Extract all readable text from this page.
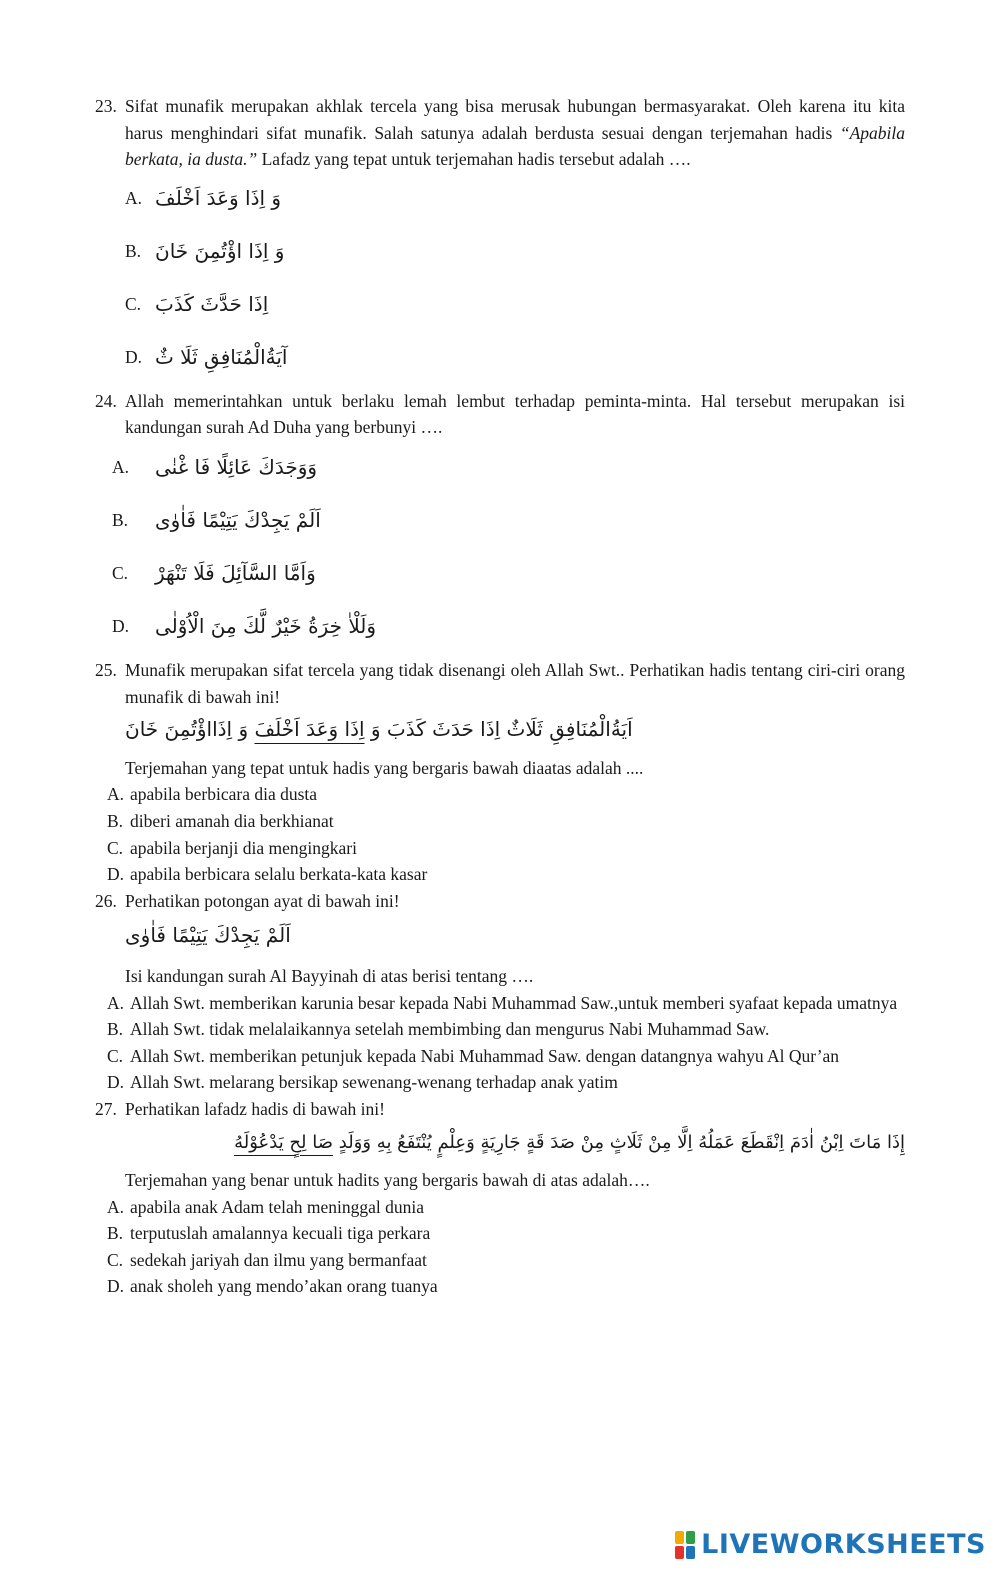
23. Sifat munafik merupakan akhlak tercela yang bisa merusak hubungan bermasyarakat. Oleh karena itu kita harus menghindari sifat munafik. Salah satunya adalah berdusta sesuai dengan terjemahan hadis “Apabila berkata, ia dusta.” Lafadz yang tepat untuk terjemahan hadis tersebut adalah ….
A. وَ اِذَا وَعَدَ اَخْلَفَ
B. وَ اِذَا اؤْتُمِنَ خَانَ
C. اِذَا حَدَّثَ كَذَبَ
D. آيَةُالْمُنَافِقِ ثَلَا ثٌ
24. Allah memerintahkan untuk berlaku lemah lembut terhadap peminta-minta. Hal tersebut merupakan isi kandungan surah Ad Duha yang berbunyi ….
A.	وَوَجَدَكَ عَائِلًا فَا غْنٰى
B.	اَلَمْ يَجِدْكَ يَتِيْمًا فَاٰوٰى
C.	وَاَمَّا السَّآئِلَ فَلَا تَنْهَرْ
D.	وَلَلْاٰ خِرَةُ خَيْرٌ لَّكَ مِنَ الْاُوْلٰى
25. Munafik merupakan sifat tercela yang tidak disenangi oleh Allah Swt.. Perhatikan hadis tentang ciri-ciri orang munafik di bawah ini!
اَيَةُالْمُنَافِقِ ثَلَاثٌ اِذَا حَدَثَ كَذَبَ وَ اِذَا وَعَدَ اَخْلَفَ وَ اِذَااؤْتُمِنَ خَانَ
Terjemahan yang tepat untuk hadis yang bergaris bawah diaatas adalah ....
A. apabila berbicara dia dusta
B. diberi amanah dia berkhianat
C. apabila berjanji dia mengingkari
D. apabila berbicara selalu berkata-kata kasar
26. Perhatikan potongan ayat di bawah ini!
اَلَمْ يَجِدْكَ يَتِيْمًا فَاٰوٰى
Isi kandungan surah Al Bayyinah di atas berisi tentang ….
A. Allah Swt. memberikan karunia besar kepada Nabi Muhammad Saw.,untuk memberi syafaat kepada umatnya
B. Allah Swt. tidak melalaikannya setelah membimbing dan mengurus Nabi Muhammad Saw.
C. Allah Swt. memberikan petunjuk kepada Nabi Muhammad Saw. dengan datangnya wahyu Al Qur’an
D. Allah Swt. melarang bersikap sewenang-wenang terhadap anak yatim
27. Perhatikan lafadz hadis di bawah ini!
إِذَا مَاتَ اِبْنُ اٰدَمَ اِنْقَطَعَ عَمَلُهُ اِلَّا مِنْ ثَلَاثٍ مِنْ صَدَ قَةٍ جَارِيَةٍ وَعِلْمٍ يُنْتَفَعُ بِهِ وَوَلَدٍ صَا لِحٍ يَدْعُوْلَهُ
Terjemahan yang benar untuk hadits yang bergaris bawah di atas adalah….
A. apabila anak Adam telah meninggal dunia
B. terputuslah amalannya kecuali tiga perkara
C. sedekah jariyah dan ilmu yang bermanfaat
D. anak sholeh yang mendo’akan orang tuanya
LIVEWORKSHEETS
